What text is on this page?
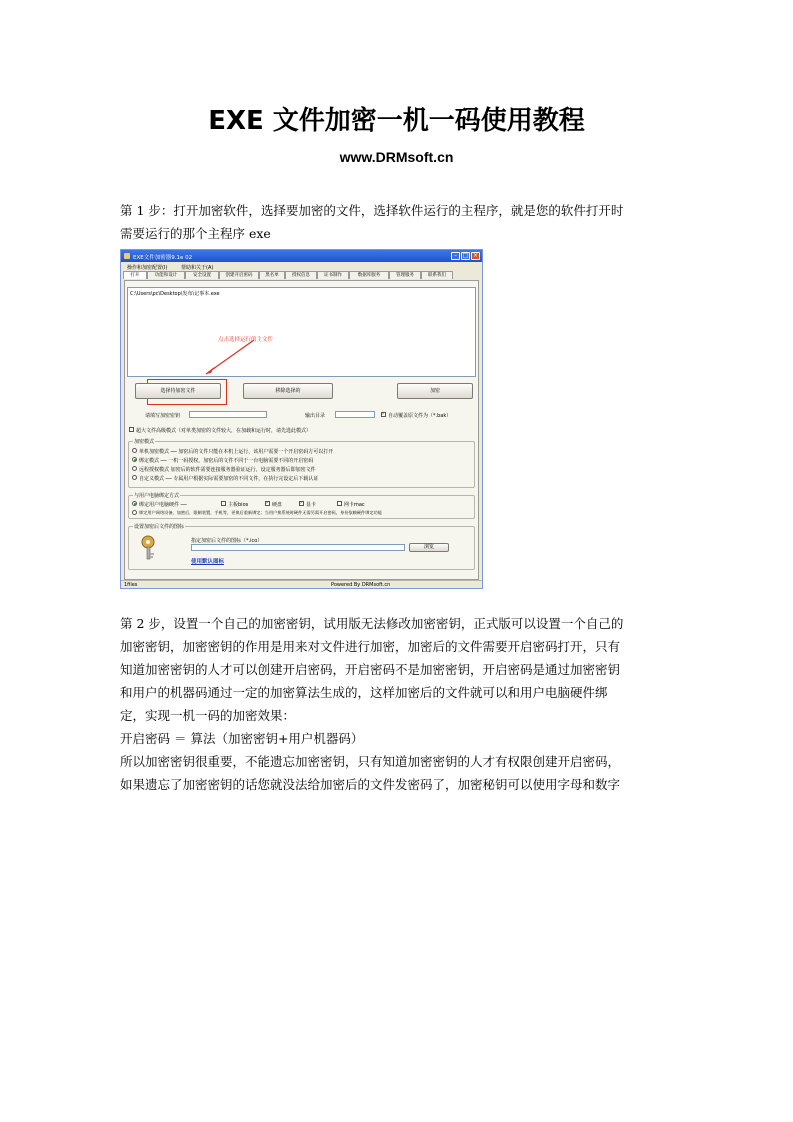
EXE 文件加密一机一码使用教程
www.DRMsoft.cn

第 1 步：打开加密软件，选择要加密的文件，选择软件运行的主程序，就是您的软件打开时
需要运行的那个主程序 exe

EXE文件加密器9.1e 02	– □ ×
操作和加密配置(I)	帮助和关于(A)
打开	功能和设计	安全设置	创建开启密码	黑名单	授权信息	证书制作	数据库服务	管理服务	联系我们
C:\Users\pc\Desktop\发布\记事本.exe
点击选择运行的主文件
选择待加密文件	移除选择的	加密
请填写加密密钥	输出目录 ✓	自动覆盖原文件为（*.bak）
超大文件高级模式（对单类加密的文件较大，在加载和运行时，请先选此模式）
加密模式
单机加密模式 ── 加密后的文件只能在本机上运行，该用户需要一个开启密码方可以打开
绑定模式 ── 一机一码授权，加密后的文件不同于一台电脑需要不同的开启密码
远程授权模式 加密后的软件需要连接服务器验证运行，设定服务器后即加密文件
自定义模式 ── 专属用户根据实际需要加密的不同文件，在执行完设定后下载认证
与用户电脑绑定方式
绑定用户电脑硬件 ──	主板bios ✓	硬盘 ✓	显卡	网卡mac
绑定用户网络设备，加密后，限制装置，手机等，更换后重新绑定；当用户换系统时硬件无需另需开启密码，身份依赖硬件绑定功能
设置加密后文件的图标
指定加密后文件的图标（*.ico）
浏览
使用默认图标
1files	Powered By DRMsoft.cn

第 2 步，设置一个自己的加密密钥，试用版无法修改加密密钥，正式版可以设置一个自己的
加密密钥，加密密钥的作用是用来对文件进行加密，加密后的文件需要开启密码打开，只有
知道加密密钥的人才可以创建开启密码，开启密码不是加密密钥，开启密码是通过加密密钥
和用户的机器码通过一定的加密算法生成的，这样加密后的文件就可以和用户电脑硬件绑
定，实现一机一码的加密效果：
开启密码 ＝ 算法（加密密钥+用户机器码）
所以加密密钥很重要，不能遗忘加密密钥，只有知道加密密钥的人才有权限创建开启密码，
如果遗忘了加密密钥的话您就没法给加密后的文件发密码了，加密秘钥可以使用字母和数字
